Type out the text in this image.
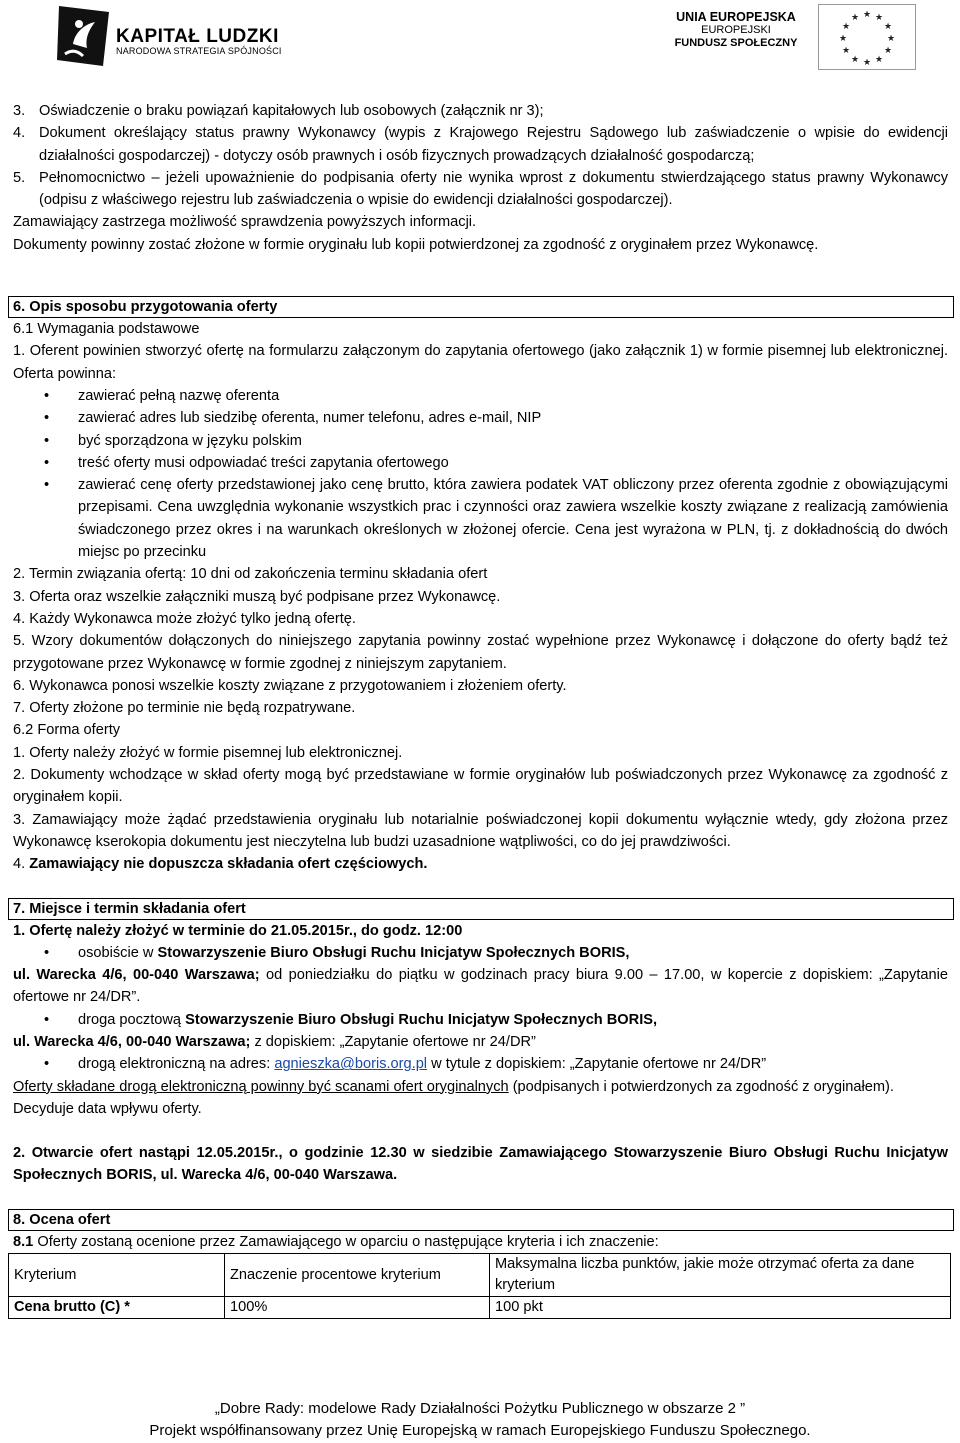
KAPITAŁ LUDZKI
NARODOWA STRATEGIA SPÓJNOŚCI
UNIA EUROPEJSKA
EUROPEJSKI
FUNDUSZ SPOŁECZNY
★ ★
★
★
★
★
★
★
★
★
★
★
3. Oświadczenie o braku powiązań kapitałowych lub osobowych (załącznik nr 3);
4. Dokument określający status prawny Wykonawcy (wypis z Krajowego Rejestru Sądowego lub zaświadczenie o wpisie do ewidencji działalności gospodarczej) - dotyczy osób prawnych i osób fizycznych prowadzących działalność gospodarczą;
5. Pełnomocnictwo – jeżeli upoważnienie do podpisania oferty nie wynika wprost z dokumentu stwierdzającego status prawny Wykonawcy (odpisu z właściwego rejestru lub zaświadczenia o wpisie do ewidencji działalności gospodarczej).

Zamawiający zastrzega możliwość sprawdzenia powyższych informacji.

Dokumenty powinny zostać złożone w formie oryginału lub kopii potwierdzonej za zgodność z oryginałem przez Wykonawcę.

6. Opis sposobu przygotowania oferty

6.1 Wymagania podstawowe

1. Oferent powinien stworzyć ofertę na formularzu załączonym do zapytania ofertowego (jako załącznik 1) w formie pisemnej lub elektronicznej. Oferta powinna:

• zawierać pełną nazwę oferenta
• zawierać adres lub siedzibę oferenta, numer telefonu, adres e-mail, NIP
• być sporządzona w języku polskim
• treść oferty musi odpowiadać treści zapytania ofertowego
• zawierać cenę oferty przedstawionej jako cenę brutto, która zawiera podatek VAT obliczony przez oferenta zgodnie z obowiązującymi przepisami. Cena uwzględnia wykonanie wszystkich prac i czynności oraz zawiera wszelkie koszty związane z realizacją zamówienia świadczonego przez okres i na warunkach określonych w złożonej ofercie. Cena jest wyrażona w PLN, tj. z dokładnością do dwóch miejsc po przecinku

2. Termin związania ofertą: 10 dni od zakończenia terminu składania ofert

3. Oferta oraz wszelkie załączniki muszą być podpisane przez Wykonawcę.

4. Każdy Wykonawca może złożyć tylko jedną ofertę.

5. Wzory dokumentów dołączonych do niniejszego zapytania powinny zostać wypełnione przez Wykonawcę i dołączone do oferty bądź też przygotowane przez Wykonawcę w formie zgodnej z niniejszym zapytaniem.

6. Wykonawca ponosi wszelkie koszty związane z przygotowaniem i złożeniem oferty.

7. Oferty złożone po terminie nie będą rozpatrywane.

6.2 Forma oferty

1. Oferty należy złożyć w formie pisemnej lub elektronicznej.

2. Dokumenty wchodzące w skład oferty mogą być przedstawiane w formie oryginałów lub poświadczonych przez Wykonawcę za zgodność z oryginałem kopii.

3. Zamawiający może żądać przedstawienia oryginału lub notarialnie poświadczonej kopii dokumentu wyłącznie wtedy, gdy złożona przez Wykonawcę kserokopia dokumentu jest nieczytelna lub budzi uzasadnione wątpliwości, co do jej prawdziwości.

4. Zamawiający nie dopuszcza składania ofert częściowych.

7. Miejsce i termin składania ofert

1. Ofertę należy złożyć w terminie do 21.05.2015r., do godz. 12:00

• osobiście w Stowarzyszenie Biuro Obsługi Ruchu Inicjatyw Społecznych BORIS,

ul. Warecka 4/6, 00-040 Warszawa; od poniedziałku do piątku w godzinach pracy biura 9.00 – 17.00, w kopercie z dopiskiem: „Zapytanie ofertowe nr 24/DR”.

• droga pocztową Stowarzyszenie Biuro Obsługi Ruchu Inicjatyw Społecznych BORIS,

ul. Warecka 4/6, 00-040 Warszawa; z dopiskiem: „Zapytanie ofertowe nr 24/DR”

• drogą elektroniczną na adres: agnieszka@boris.org.pl w tytule z dopiskiem: „Zapytanie ofertowe nr 24/DR”

Oferty składane drogą elektroniczną powinny być scanami ofert oryginalnych (podpisanych i potwierdzonych za zgodność z oryginałem).

Decyduje data wpływu oferty.

2. Otwarcie ofert nastąpi 12.05.2015r., o godzinie 12.30 w siedzibie Zamawiającego Stowarzyszenie Biuro Obsługi Ruchu Inicjatyw Społecznych BORIS, ul. Warecka 4/6, 00-040 Warszawa.

8. Ocena ofert

8.1 Oferty zostaną ocenione przez Zamawiającego w oparciu o następujące kryteria i ich znaczenie:

Kryterium	Znaczenie procentowe kryterium	Maksymalna liczba punktów, jakie może otrzymać oferta za dane kryterium
Cena brutto (C) *	100%	100 pkt
„Dobre Rady: modelowe Rady Działalności Pożytku Publicznego w obszarze 2 ”
Projekt współfinansowany przez Unię Europejską w ramach Europejskiego Funduszu Społecznego.
